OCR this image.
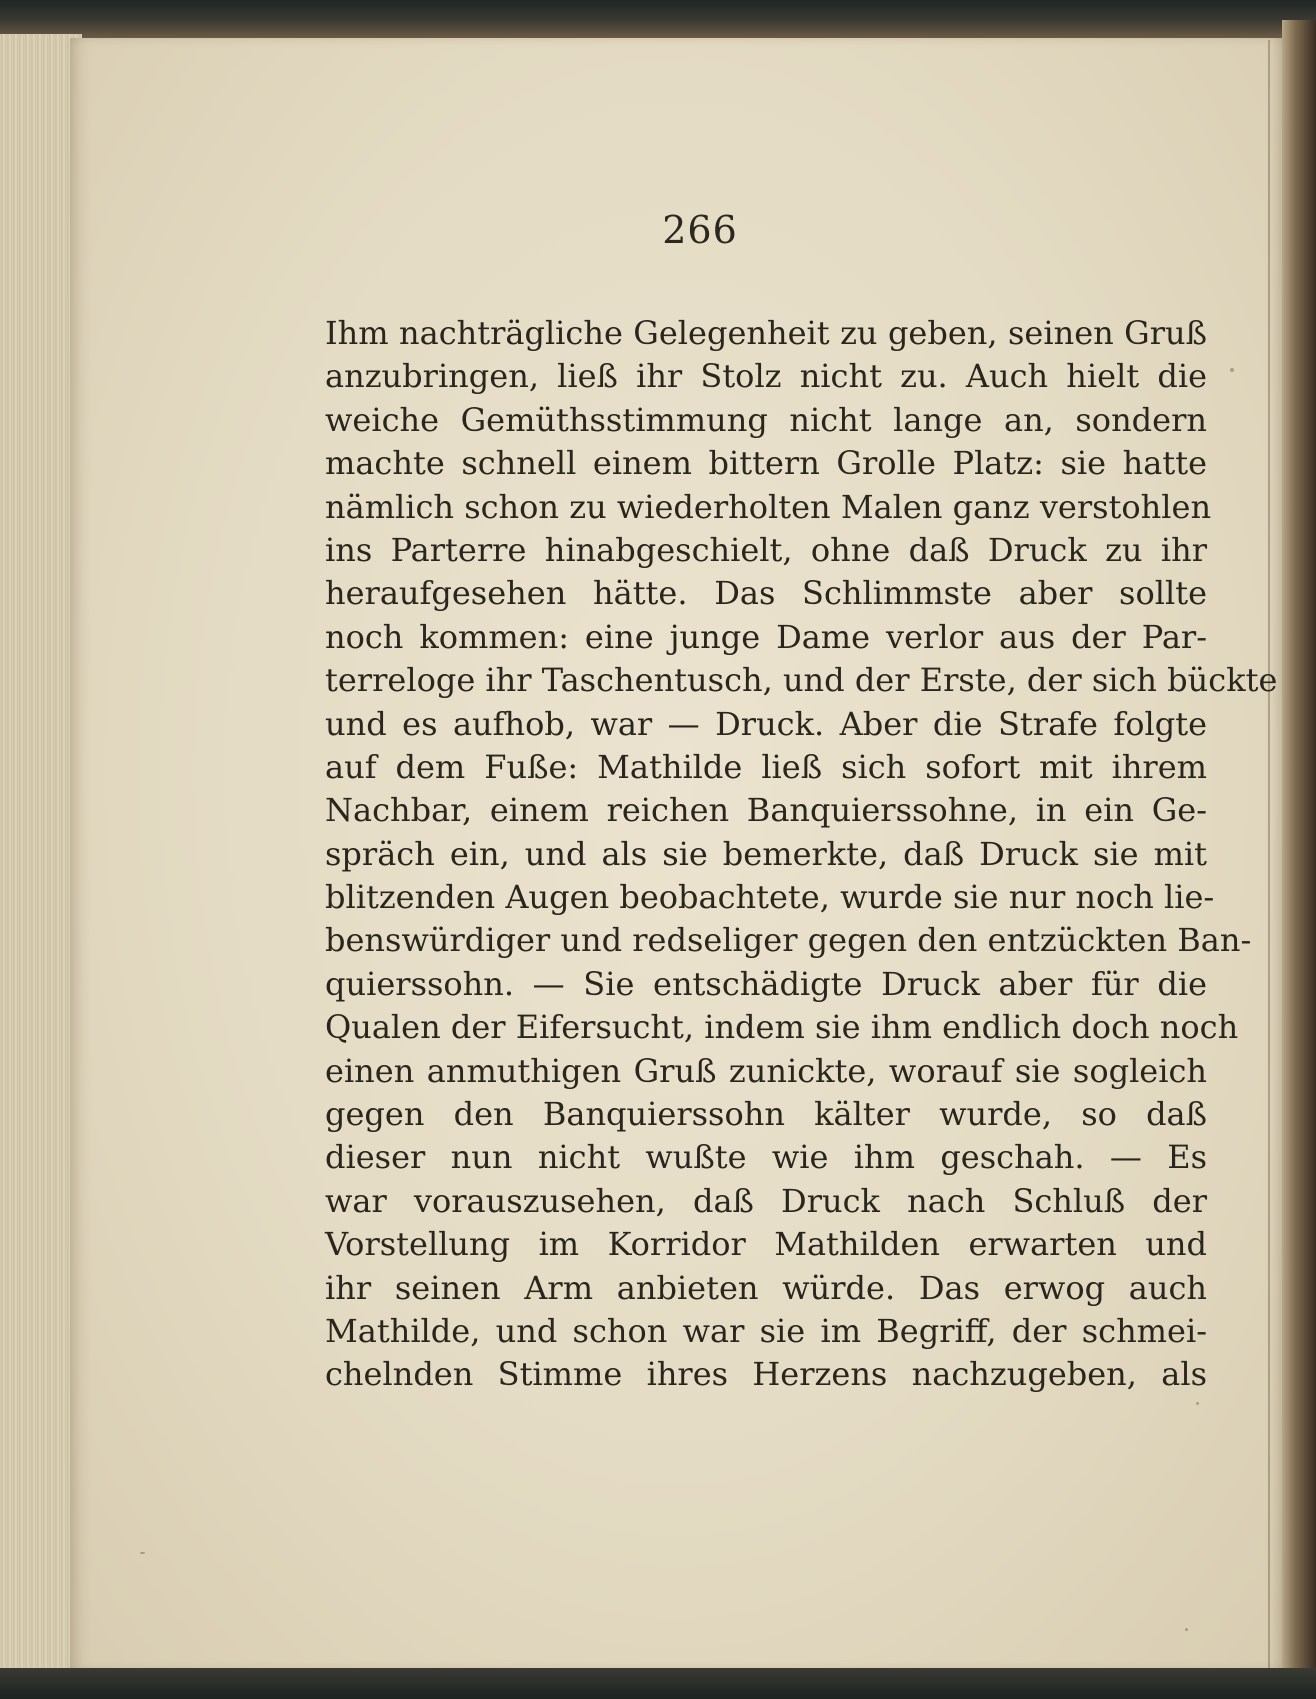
266
Ihm nachträgliche Gelegenheit zu geben, seinen Gruß
anzubringen, ließ ihr Stolz nicht zu. Auch hielt die
weiche Gemüthsstimmung nicht lange an, sondern
machte schnell einem bittern Grolle Platz: sie hatte
nämlich schon zu wiederholten Malen ganz verstohlen
ins Parterre hinabgeschielt, ohne daß Druck zu ihr
heraufgesehen hätte. Das Schlimmste aber sollte
noch kommen: eine junge Dame verlor aus der Par-
terreloge ihr Taschentusch, und der Erste, der sich bückte
und es aufhob, war — Druck. Aber die Strafe folgte
auf dem Fuße: Mathilde ließ sich sofort mit ihrem
Nachbar, einem reichen Banquierssohne, in ein Ge-
spräch ein, und als sie bemerkte, daß Druck sie mit
blitzenden Augen beobachtete, wurde sie nur noch lie-
benswürdiger und redseliger gegen den entzückten Ban-
quierssohn. — Sie entschädigte Druck aber für die
Qualen der Eifersucht, indem sie ihm endlich doch noch
einen anmuthigen Gruß zunickte, worauf sie sogleich
gegen den Banquierssohn kälter wurde, so daß
dieser nun nicht wußte wie ihm geschah. — Es
war vorauszusehen, daß Druck nach Schluß der
Vorstellung im Korridor Mathilden erwarten und
ihr seinen Arm anbieten würde. Das erwog auch
Mathilde, und schon war sie im Begriff, der schmei-
chelnden Stimme ihres Herzens nachzugeben, als
